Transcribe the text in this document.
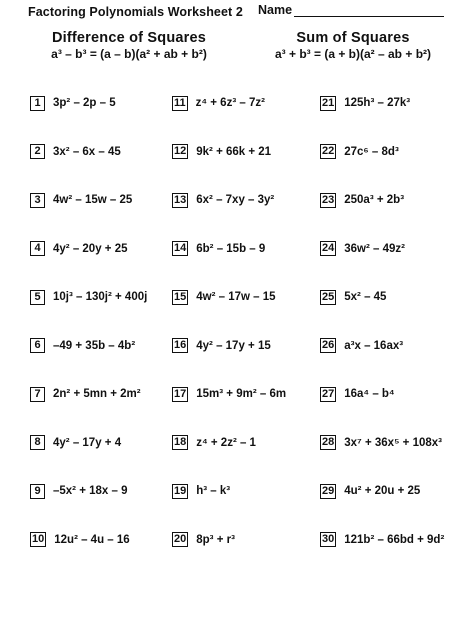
Factoring Polynomials Worksheet 2 Name
Difference of Squares
a³ – b³ = (a – b)(a² + ab + b²)
Sum of Squares
a³ + b³ = (a + b)(a² – ab + b²)
1	3p² – 2p – 5
2	3x² – 6x – 45
3	4w² – 15w – 25
4	4y² – 20y + 25
5	10j³ – 130j² + 400j
6	–49 + 35b – 4b²
7	2n² + 5mn + 2m²
8	4y² – 17y + 4
9	–5x² + 18x – 9
10 12u² – 4u – 16
11 z⁴ + 6z³ – 7z²
12 9k² + 66k + 21
13 6x² – 7xy – 3y²
14 6b² – 15b – 9
15 4w² – 17w – 15
16 4y² – 17y + 15
17 15m³ + 9m² – 6m
18 z⁴ + 2z² – 1
19 h³ – k³
20 8p³ + r³
21 125h³ – 27k³
22 27c⁶ – 8d³
23 250a³ + 2b³
24 36w² – 49z²
25 5x² – 45
26 a³x – 16ax³
27 16a⁴ – b⁴
28 3x⁷ + 36x⁵ + 108x³
29 4u² + 20u + 25
30 121b² – 66bd + 9d²
